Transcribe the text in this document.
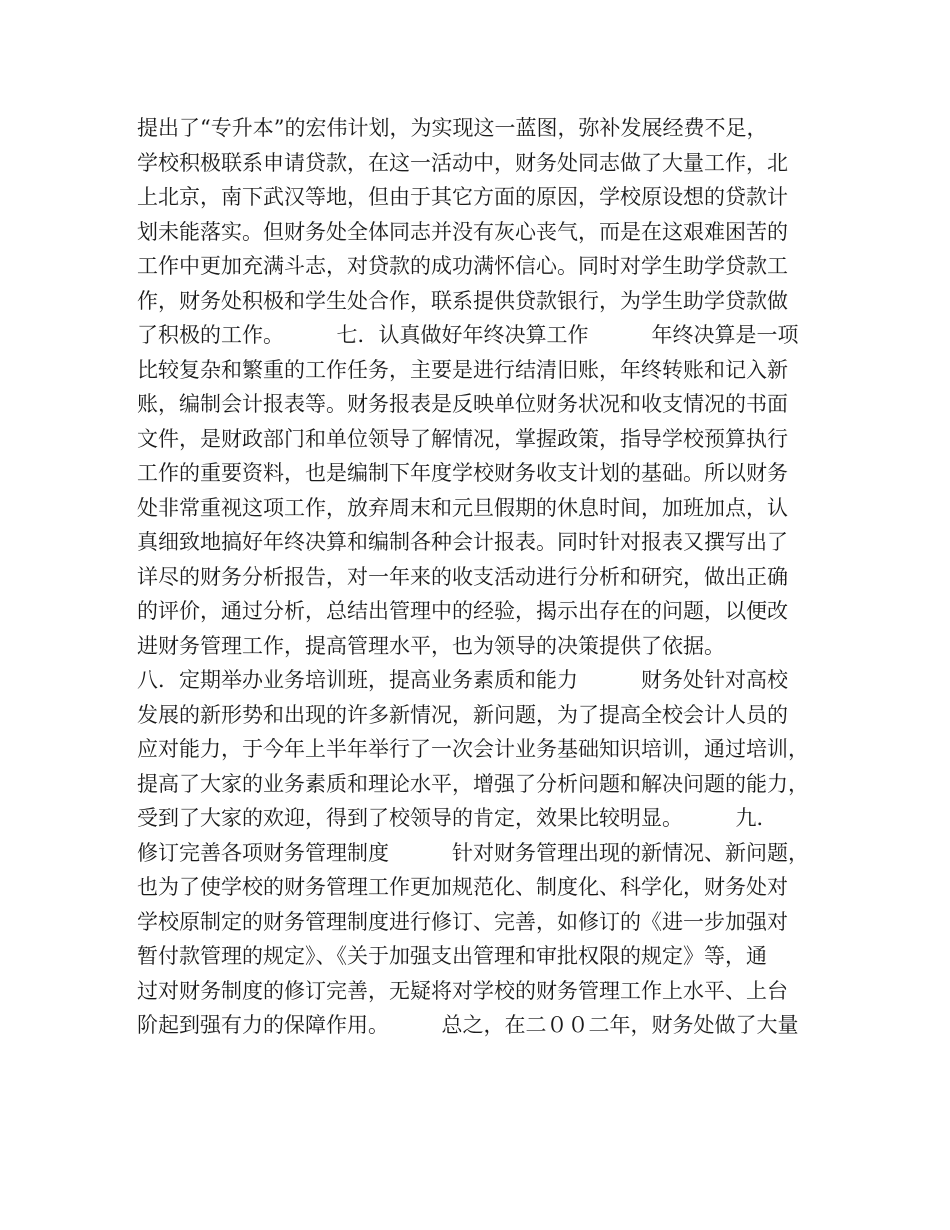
提出了“专升本”的宏伟计划，为实现这一蓝图，弥补发展经费不足，
学校积极联系申请贷款，在这一活动中，财务处同志做了大量工作，北
上北京，南下武汉等地，但由于其它方面的原因，学校原设想的贷款计
划未能落实。但财务处全体同志并没有灰心丧气，而是在这艰难困苦的
工作中更加充满斗志，对贷款的成功满怀信心。同时对学生助学贷款工
作，财务处积极和学生处合作，联系提供贷款银行，为学生助学贷款做
了积极的工作。　　　七．认真做好年终决算工作　　　年终决算是一项
比较复杂和繁重的工作任务，主要是进行结清旧账，年终转账和记入新
账，编制会计报表等。财务报表是反映单位财务状况和收支情况的书面
文件，是财政部门和单位领导了解情况，掌握政策，指导学校预算执行
工作的重要资料，也是编制下年度学校财务收支计划的基础。所以财务
处非常重视这项工作，放弃周末和元旦假期的休息时间，加班加点，认
真细致地搞好年终决算和编制各种会计报表。同时针对报表又撰写出了
详尽的财务分析报告，对一年来的收支活动进行分析和研究，做出正确
的评价，通过分析，总结出管理中的经验，揭示出存在的问题，以便改
进财务管理工作，提高管理水平，也为领导的决策提供了依据。
八．定期举办业务培训班，提高业务素质和能力　　　财务处针对高校
发展的新形势和出现的许多新情况，新问题，为了提高全校会计人员的
应对能力，于今年上半年举行了一次会计业务基础知识培训，通过培训，
提高了大家的业务素质和理论水平，增强了分析问题和解决问题的能力，
受到了大家的欢迎，得到了校领导的肯定，效果比较明显。　　　九．
修订完善各项财务管理制度　　　针对财务管理出现的新情况、新问题，
也为了使学校的财务管理工作更加规范化、制度化、科学化，财务处对
学校原制定的财务管理制度进行修订、完善，如修订的《进一步加强对
暂付款管理的规定》、《关于加强支出管理和审批权限的规定》等，通
过对财务制度的修订完善，无疑将对学校的财务管理工作上水平、上台
阶起到强有力的保障作用。　　　总之，在二００二年，财务处做了大量
